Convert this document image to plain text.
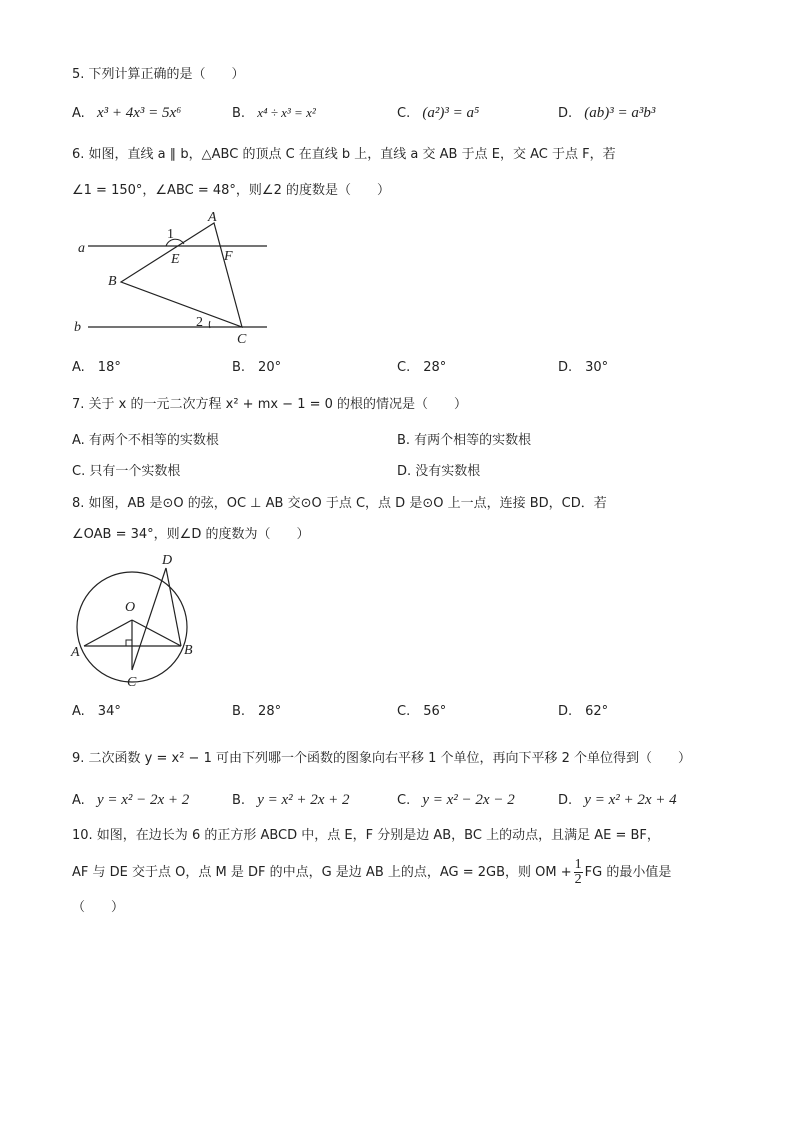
5. 下列计算正确的是（　　）
A. x³ + 4x³ = 5x⁶	B. x⁴ ÷ x³ = x²	C. (a²)³ = a⁵	D. (ab)³ = a³b³
6. 如图，直线 a ∥ b，△ABC 的顶点 C 在直线 b 上，直线 a 交 AB 于点 E，交 AC 于点 F，若
∠1 = 150°，∠ABC = 48°，则∠2 的度数是（　　）
a
b
A
B
C
E	F
1
2
A.　18°	B.　20°	C.　28°	D.　30°
7. 关于 x 的一元二次方程 x² + mx − 1 = 0 的根的情况是（　　）
A. 有两个不相等的实数根	B. 有两个相等的实数根
C. 只有一个实数根	D. 没有实数根
8. 如图，AB 是⊙O 的弦，OC ⊥ AB 交⊙O 于点 C，点 D 是⊙O 上一点，连接 BD，CD．若
∠OAB = 34°，则∠D 的度数为（　　）
O
A	B
C
D
A.　34°	B.　28°	C.　56°	D.　62°
9. 二次函数 y = x² − 1 可由下列哪一个函数的图象向右平移 1 个单位，再向下平移 2 个单位得到（　　）
A. y = x² − 2x + 2	B. y = x² + 2x + 2	C. y = x² − 2x − 2	D. y = x² + 2x + 4
10. 如图，在边长为 6 的正方形 ABCD 中，点 E，F 分别是边 AB，BC 上的动点，且满足 AE = BF，
AF 与 DE 交于点 O，点 M 是 DF 的中点，G 是边 AB 上的点，AG = 2GB，则 OM + $\frac{1}{2}$ FG 的最小值是
（　　）
